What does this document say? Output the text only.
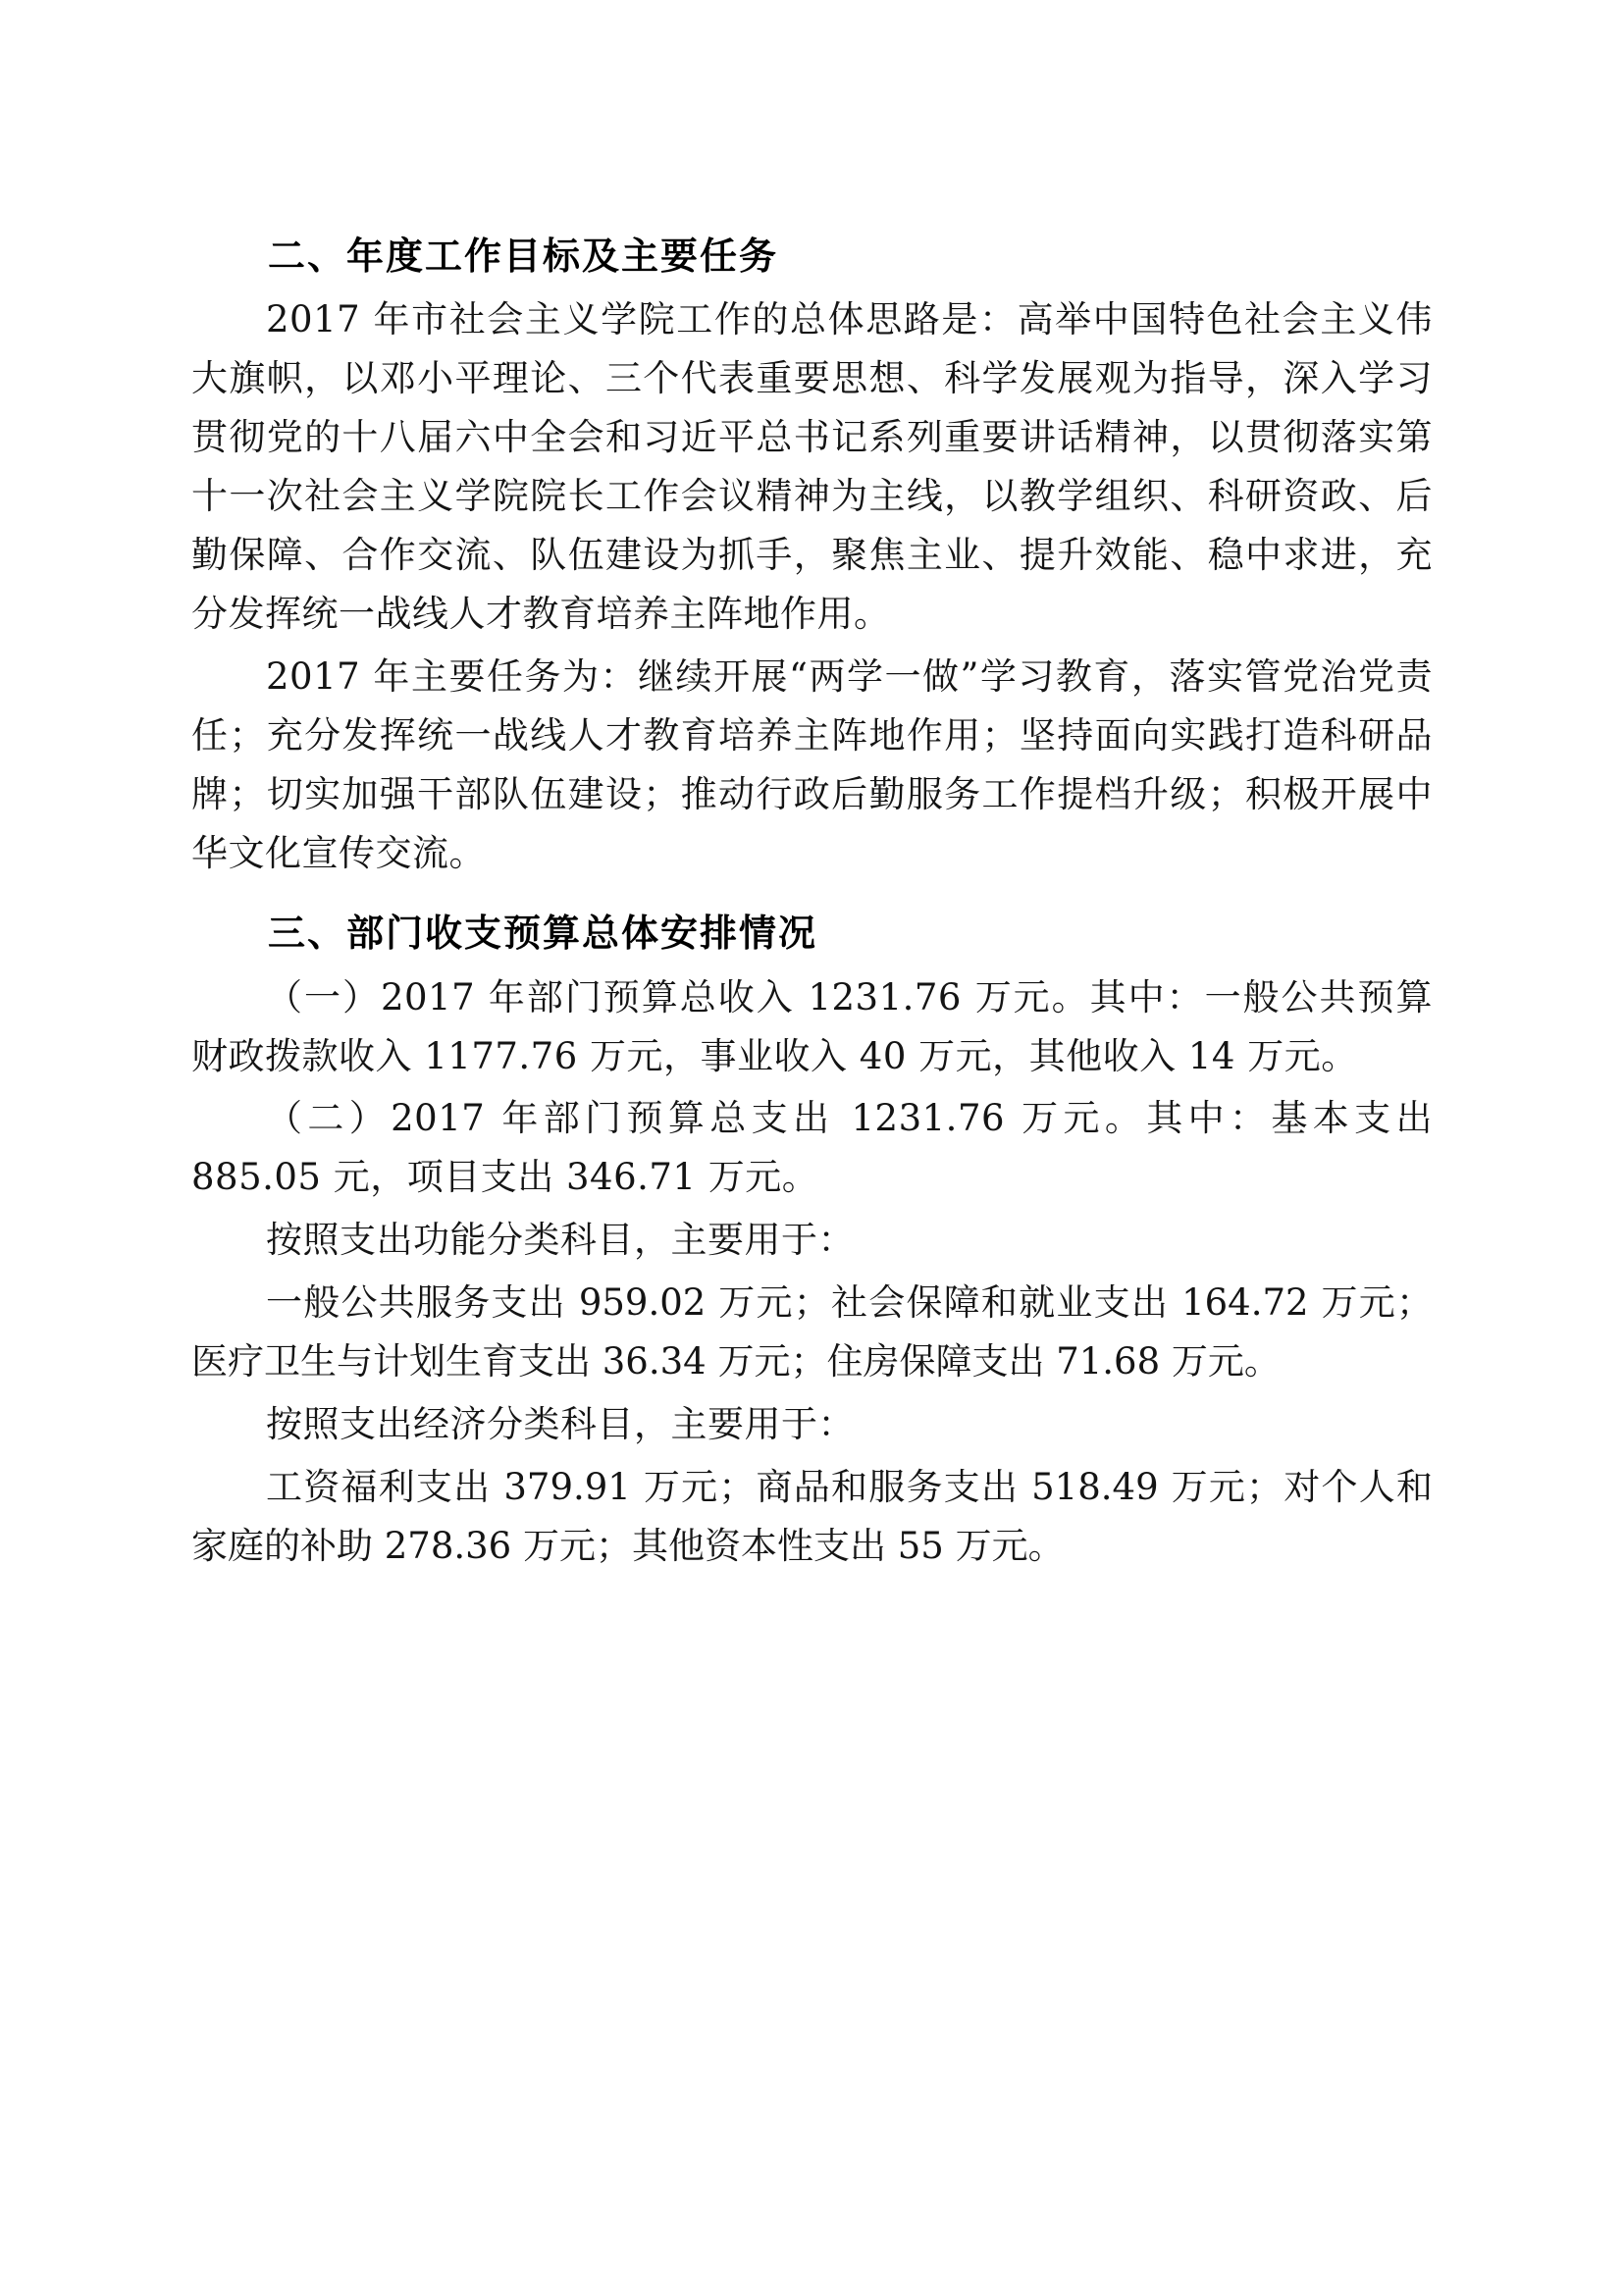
二、年度工作目标及主要任务

2017 年市社会主义学院工作的总体思路是：高举中国特色社会主义伟大旗帜，以邓小平理论、三个代表重要思想、科学发展观为指导，深入学习贯彻党的十八届六中全会和习近平总书记系列重要讲话精神，以贯彻落实第十一次社会主义学院院长工作会议精神为主线，以教学组织、科研资政、后勤保障、合作交流、队伍建设为抓手，聚焦主业、提升效能、稳中求进，充分发挥统一战线人才教育培养主阵地作用。

2017 年主要任务为：继续开展“两学一做”学习教育，落实管党治党责任；充分发挥统一战线人才教育培养主阵地作用；坚持面向实践打造科研品牌；切实加强干部队伍建设；推动行政后勤服务工作提档升级；积极开展中华文化宣传交流。

三、部门收支预算总体安排情况

（一）2017 年部门预算总收入 1231.76 万元。其中：一般公共预算财政拨款收入 1177.76 万元，事业收入 40 万元，其他收入 14 万元。

（二）2017 年部门预算总支出 1231.76 万元。其中：基本支出 885.05 元，项目支出 346.71 万元。

按照支出功能分类科目，主要用于：

一般公共服务支出 959.02 万元；社会保障和就业支出 164.72 万元；医疗卫生与计划生育支出 36.34 万元；住房保障支出 71.68 万元。

按照支出经济分类科目，主要用于：

工资福利支出 379.91 万元；商品和服务支出 518.49 万元；对个人和家庭的补助 278.36 万元；其他资本性支出 55 万元。
